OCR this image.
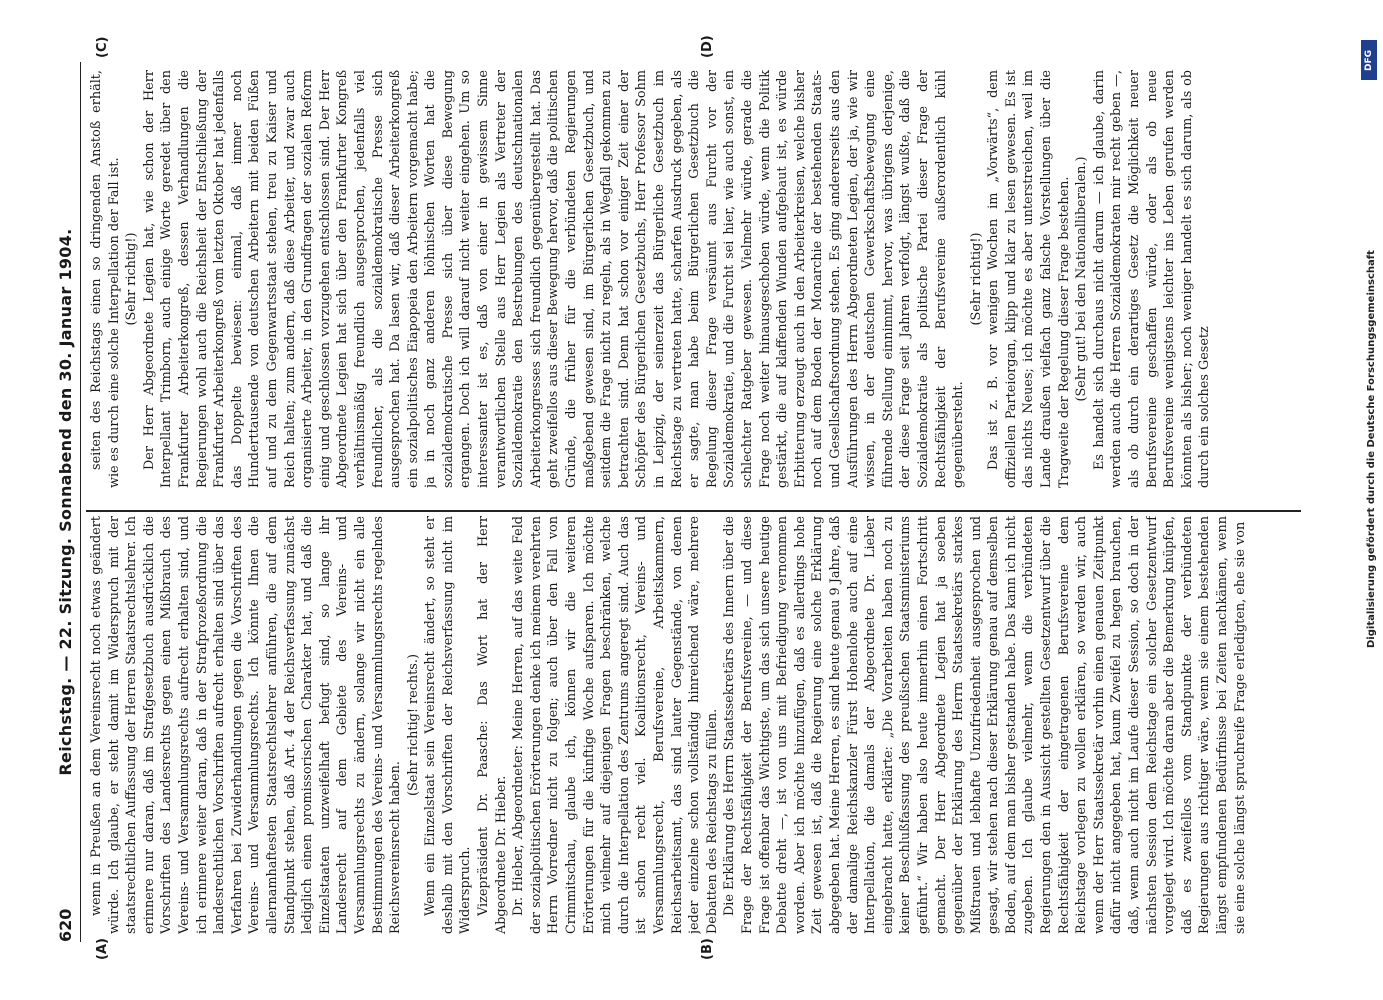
620
Reichstag. — 22. Sitzung. Sonnabend den 30. Januar 1904.
(A)	(B)
(C)	(D)

wenn in Preußen an dem Vereinsrecht noch etwas geändert würde. Ich glaube, er steht damit im Widerspruch mit der staatsrechtlichen Auffassung der Herren Staatsrechtslehrer. Ich erinnere nur daran, daß im Strafgesetzbuch ausdrücklich die Vorschriften des Landesrechts gegen einen Mißbrauch des Vereins- und Versammlungsrechts aufrecht erhalten sind, und ich erinnere weiter daran, daß in der Strafprozeßordnung die landesrechtlichen Vorschriften aufrecht erhalten sind über das Verfahren bei Zuwiderhandlungen gegen die Vorschriften des Vereins- und Versammlungsrechts. Ich könnte Ihnen die allernamhaftesten Staatsrechtslehrer anführen, die auf dem Standpunkt stehen, daß Art. 4 der Reichsverfassung zunächst lediglich einen promissorischen Charakter hat, und daß die Einzelstaaten unzweifelhaft befugt sind, so lange ihr Landesrecht auf dem Gebiete des Vereins- und Versammlungsrechts zu ändern, solange wir nicht ein alle Bestimmungen des Vereins- und Versammlungsrechts regelndes Reichsvereinsrecht haben.

(Sehr richtig! rechts.) Wenn ein Einzelstaat sein Vereinsrecht ändert, so steht er deshalb mit den Vorschriften der Reichsverfassung nicht im Widerspruch. Vizepräsident Dr. Paasche: Das Wort hat der Herr Abgeordnete Dr. Hieber. Dr. Hieber, Abgeordneter: Meine Herren, auf das weite Feld der sozialpolitischen Erörterungen denke ich meinem verehrten Herrn Vorredner nicht zu folgen; auch über den Fall von Crimmitschau, glaube ich, können wir die weiteren Erörterungen für die künftige Woche aufsparen. Ich möchte mich vielmehr auf diejenigen Fragen beschränken, welche durch die Interpellation des Zentrums angeregt sind. Auch das ist schon recht viel. Koalitionsrecht, Vereins- und Versammlungsrecht, Berufsvereine, Arbeitskammern, Reichsarbeitsamt, das sind lauter Gegenstände, von denen jeder einzelne schon vollständig hinreichend wäre, mehrere Debatten des Reichstags zu füllen. Die Erklärung des Herrn Staatssekretärs des Innern über die Frage der Rechtsfähigkeit der Berufsvereine, — und diese Frage ist offenbar das Wichtigste, um das sich unsere heutige Debatte dreht —, ist von uns mit Befriedigung vernommen worden. Aber ich möchte hinzufügen, daß es allerdings hohe Zeit gewesen ist, daß die Regierung eine solche Erklärung abgegeben hat. Meine Herren, es sind heute genau 9 Jahre, daß der damalige Reichskanzler Fürst Hohenlohe auch auf eine Interpellation, die damals der Abgeordnete Dr. Lieber eingebracht hatte, erklärte: „Die Vorarbeiten haben noch zu keiner Beschlußfassung des preußischen Staatsministeriums geführt.“ Wir haben also heute immerhin einen Fortschritt gemacht. Der Herr Abgeordnete Legien hat ja soeben gegenüber der Erklärung des Herrn Staatssekretärs starkes Mißtrauen und lebhafte Unzufriedenheit ausgesprochen und gesagt, wir stehen nach dieser Erklärung genau auf demselben Boden, auf dem man bisher gestanden habe. Das kann ich nicht zugeben. Ich glaube vielmehr, wenn die verbündeten Regierungen den in Aussicht gestellten Gesetzentwurf über die Rechtsfähigkeit der eingetragenen Berufsvereine dem Reichstage vorlegen zu wollen erklären, so werden wir, auch wenn der Herr Staatssekretär vorhin einen genauen Zeitpunkt dafür nicht angegeben hat, kaum Zweifel zu hegen brauchen, daß, wenn auch nicht im Laufe dieser Session, so doch in der nächsten Session dem Reichstage ein solcher Gesetzentwurf vorgelegt wird. Ich möchte daran aber die Bemerkung knüpfen, daß es zweifellos vom Standpunkte der verbündeten Regierungen aus richtiger wäre, wenn sie einem bestehenden längst empfundenen Bedürfnisse bei Zeiten nachkämen, wenn sie eine solche längst spruchreife Frage erledigten, ehe sie von

seiten des Reichstags einen so dringenden Anstoß erhält, wie es durch eine solche Interpellation der Fall ist. (Sehr richtig!) Der Herr Abgeordnete Legien hat, wie schon der Herr Interpellant Trimborn, auch einige Worte geredet über den Frankfurter Arbeiterkongreß, dessen Verhandlungen die Regierungen wohl auch die Reichsheit der Entschließung der Frankfurter Arbeiterkongreß vom letzten Oktober hat jedenfalls das Doppelte bewiesen: einmal, daß immer noch Hunderttausende von deutschen Arbeitern mit beiden Füßen auf und zu dem Gegenwartsstaat stehen, treu zu Kaiser und Reich halten; zum andern, daß diese Arbeiter, und zwar auch organisierte Arbeiter, in den Grundfragen der sozialen Reform einig und geschlossen vorzugehen entschlossen sind. Der Herr Abgeordnete Legien hat sich über den Frankfurter Kongreß verhältnismäßig freundlich ausgesprochen, jedenfalls viel freundlicher, als die sozialdemokratische Presse sich ausgesprochen hat. Da lasen wir, daß dieser Arbeiterkongreß ein sozialpolitisches Eiapopeia den Arbeitern vorgemacht habe; ja in noch ganz anderen höhnischen Worten hat die sozialdemokratische Presse sich über diese Bewegung ergangen. Doch ich will darauf nicht weiter eingehen. Um so interessanter ist es, daß von einer in gewissem Sinne verantwortlichen Stelle aus Herr Legien als Vertreter der Sozialdemokratie den Bestrebungen des deutschnationalen Arbeiterkongresses sich freundlich gegenübergestellt hat. Das geht zweifellos aus dieser Bewegung hervor, daß die politischen Gründe, die früher für die verbündeten Regierungen maßgebend gewesen sind, im Bürgerlichen Gesetzbuch, und seitdem die Frage nicht zu regeln, als in Wegfall gekommen zu betrachten sind. Denn hat schon vor einiger Zeit einer der Schöpfer des Bürgerlichen Gesetzbuchs, Herr Professor Sohm in Leipzig, der seinerzeit das Bürgerliche Gesetzbuch im Reichstage zu vertreten hatte, scharfen Ausdruck gegeben, als er sagte, man habe beim Bürgerlichen Gesetzbuch die Regelung dieser Frage versäumt aus Furcht vor der Sozialdemokratie, und die Furcht sei hier, wie auch sonst, ein schlechter Ratgeber gewesen. Vielmehr würde, gerade die Frage noch weiter hinausgeschoben würde, wenn die Politik gestärkt, die auf klaffenden Wunden aufgebaut ist, es würde Erbitterung erzeugt auch in den Arbeiterkreisen, welche bisher noch auf dem Boden der Monarchie der bestehenden Staats- und Gesellschaftsordnung stehen. Es ging andererseits aus den Ausführungen des Herrn Abgeordneten Legien, der ja, wie wir wissen, in der deutschen Gewerkschaftsbewegung eine führende Stellung einnimmt, hervor, was übrigens derjenige, der diese Frage seit Jahren verfolgt, längst wußte, daß die Sozialdemokratie als politische Partei dieser Frage der Rechtsfähigkeit der Berufsvereine außerordentlich kühl gegenübersteht.

(Sehr richtig!) Das ist z. B. vor wenigen Wochen im „Vorwärts“, dem offiziellen Parteiorgan, klipp und klar zu lesen gewesen. Es ist das nichts Neues; ich möchte es aber unterstreichen, weil im Lande draußen vielfach ganz falsche Vorstellungen über die Tragweite der Regelung dieser Frage bestehen. (Sehr gut! bei den Nationalliberalen.) Es handelt sich durchaus nicht darum — ich glaube, darin werden auch die Herren Sozialdemokraten mir recht geben —, als ob durch ein derartiges Gesetz die Möglichkeit neuer Berufsvereine geschaffen würde, oder als ob neue Berufsvereine wenigstens leichter ins Leben gerufen werden könnten als bisher; noch weniger handelt es sich darum, als ob durch ein solches Gesetz

DFG
Digitalisierung gefördert durch die Deutsche Forschungsgemeinschaft
